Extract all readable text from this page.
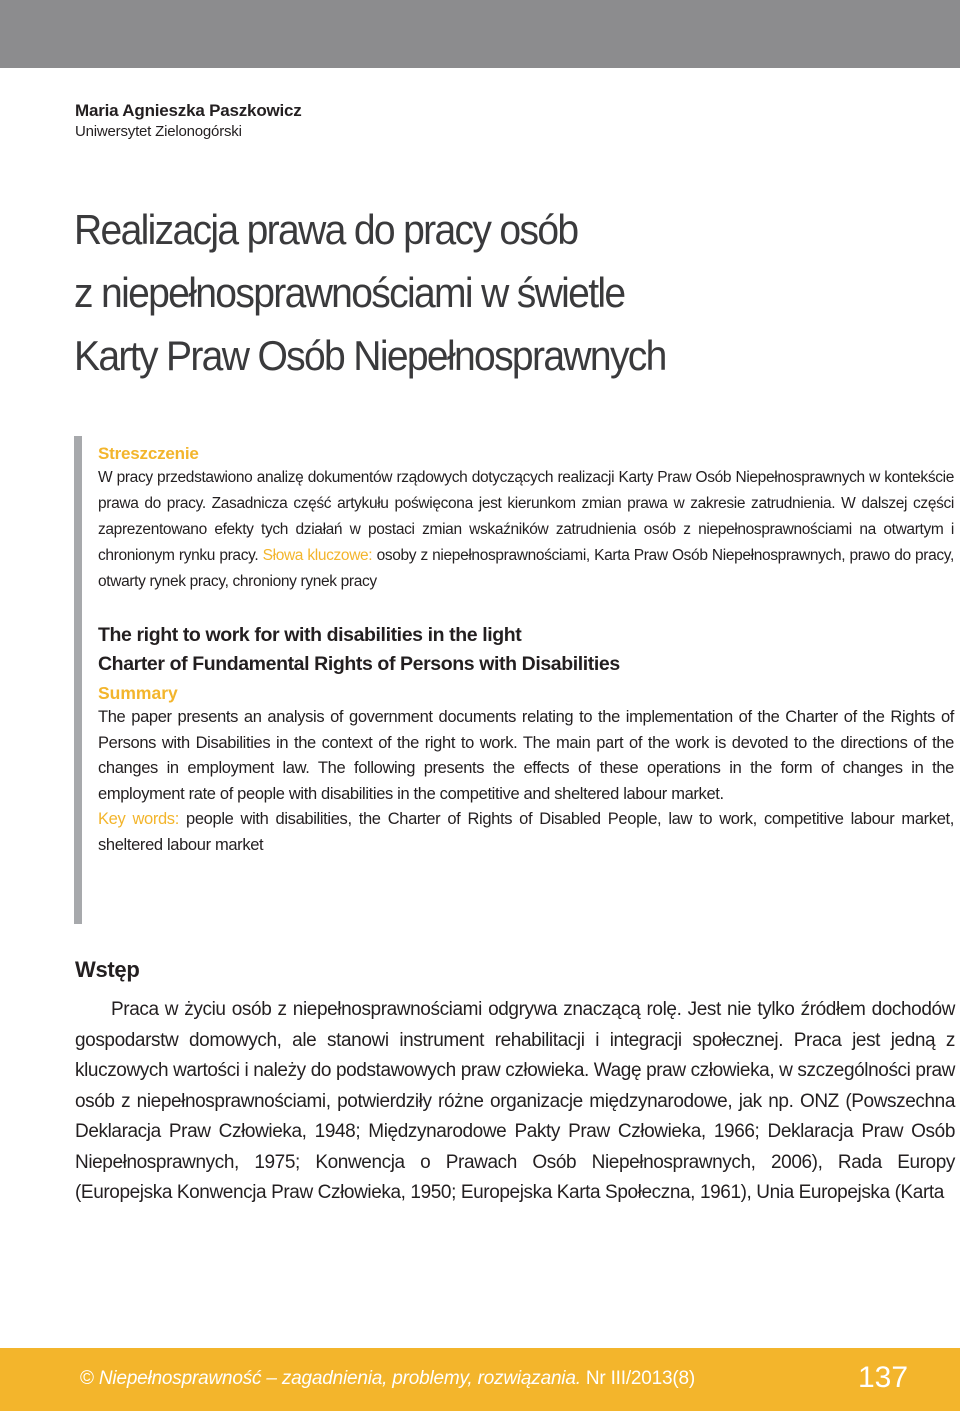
Maria Agnieszka Paszkowicz
Uniwersytet Zielonogórski
Realizacja prawa do pracy osób
z niepełnosprawnościami w świetle
Karty Praw Osób Niepełnosprawnych
Streszczenie

W pracy przedstawiono analizę dokumentów rządowych dotyczących realizacji Karty Praw Osób Niepełnosprawnych w kontekście prawa do pracy. Zasadnicza część artykułu poświęcona jest kierunkom zmian prawa w zakresie zatrudnienia. W dalszej części zaprezentowano efekty tych działań w postaci zmian wskaźników zatrudnienia osób z niepełnosprawnościami na otwartym i chronionym rynku pracy. Słowa kluczowe: osoby z niepełnosprawnościami, Karta Praw Osób Niepełnosprawnych, prawo do pracy, otwarty rynek pracy, chroniony rynek pracy

The right to work for with disabilities in the light
Charter of Fundamental Rights of Persons with Disabilities
Summary

The paper presents an analysis of government documents relating to the implementation of the Charter of the Rights of Persons with Disabilities in the context of the right to work. The main part of the work is devoted to the directions of the changes in employment law. The following presents the effects of these operations in the form of changes in the employment rate of people with disabilities in the competitive and sheltered labour market.
Key words: people with disabilities, the Charter of Rights of Disabled People, law to work, competitive labour market, sheltered labour market

Wstęp

Praca w życiu osób z niepełnosprawnościami odgrywa znaczącą rolę. Jest nie tylko źródłem dochodów gospodarstw domowych, ale stanowi instrument rehabilitacji i integracji społecznej. Praca jest jedną z kluczowych wartości i należy do podstawowych praw człowieka. Wagę praw człowieka, w szczególności praw osób z niepełnosprawnościami, potwierdziły różne organizacje międzynarodowe, jak np. ONZ (Powszechna Deklaracja Praw Człowieka, 1948; Międzynarodowe Pakty Praw Człowieka, 1966; Deklaracja Praw Osób Niepełnosprawnych, 1975; Konwencja o Prawach Osób Niepełnosprawnych, 2006), Rada Europy (Europejska Konwencja Praw Człowieka, 1950; Europejska Karta Społeczna, 1961), Unia Europejska (Karta

© Niepełnosprawność – zagadnienia, problemy, rozwiązania. Nr III/2013(8)	137
